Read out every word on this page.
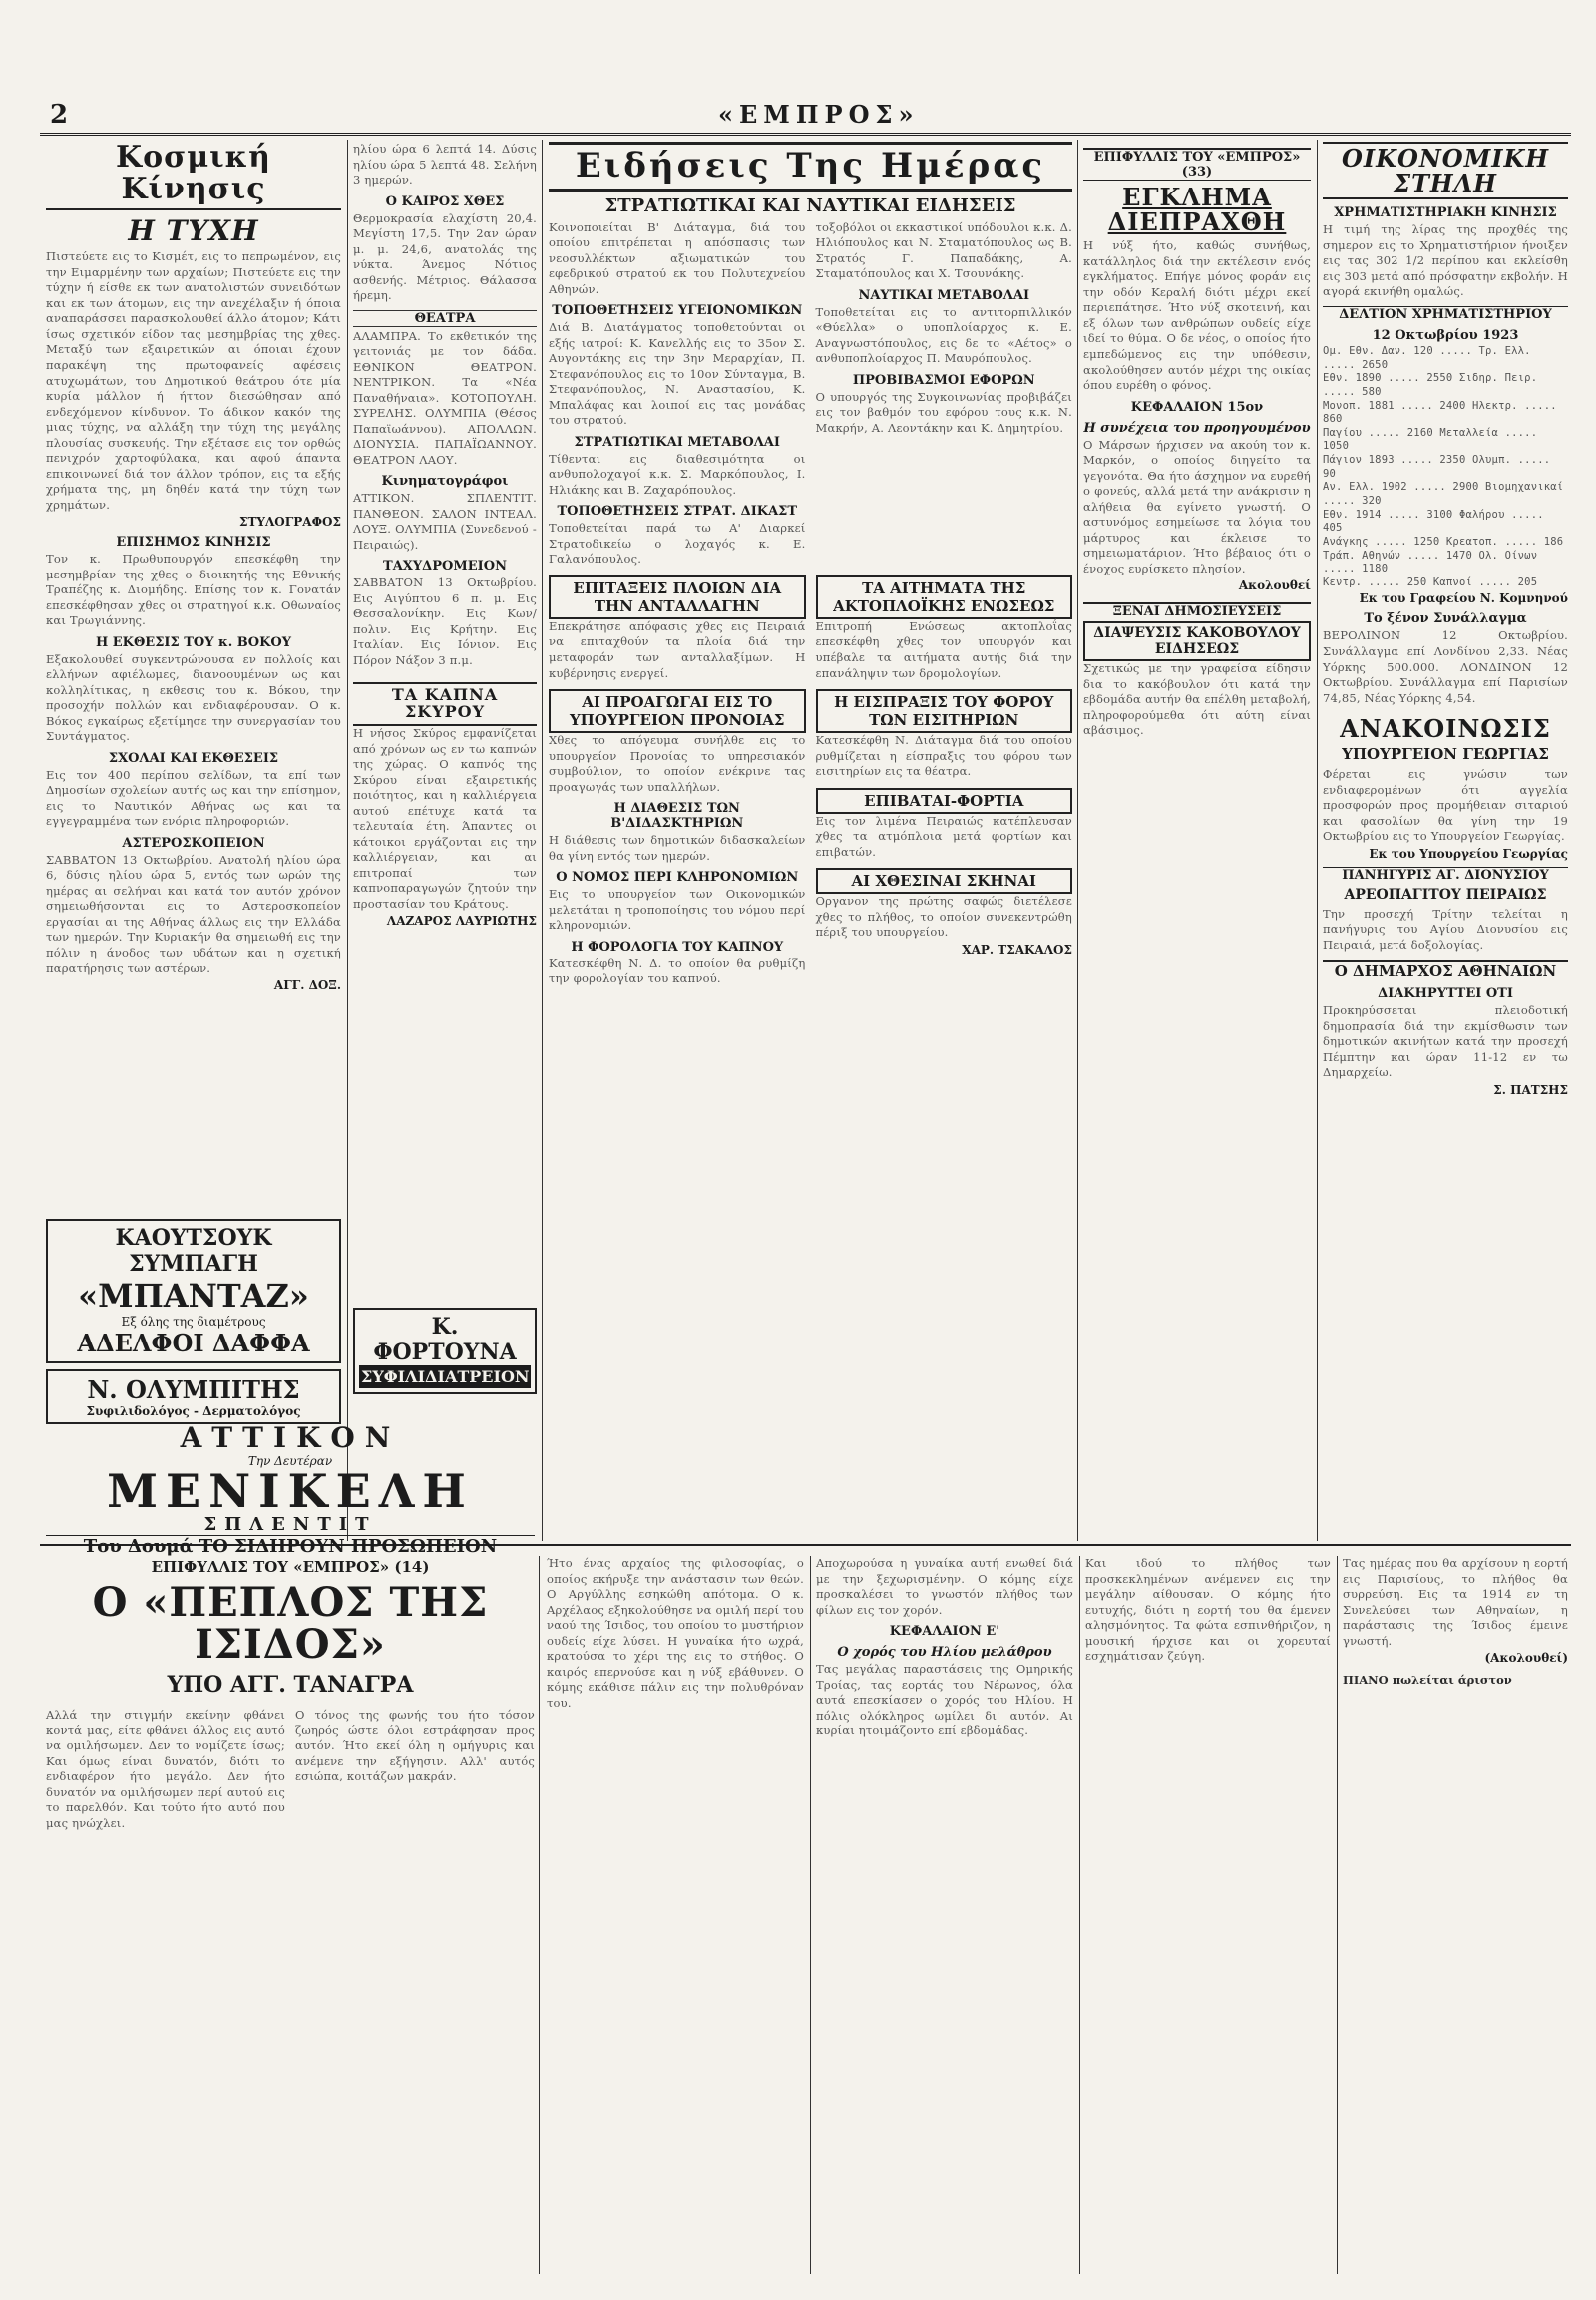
2	«ΕΜΠΡΟΣ»
Κοσμική Κίνησις
Η ΤΥΧΗ
Πιστεύετε εις το Κισμέτ, εις το πεπρωμένον, εις την Ειμαρμένην των αρχαίων; Πιστεύετε εις την τύχην ή είσθε εκ των ανατολιστών συνειδότων και εκ των άτομων, εις την ανεχέλαξιν ή όποια αναπαράσσει παρασκολουθεί άλλο άτομον; Κάτι ίσως σχετικόν είδον τας μεσημβρίας της χθες. Μεταξύ των εξαιρετικών αι όποιαι έχουν παρακέψη της πρωτοφανείς αφέσεις ατυχωμάτων, του Δημοτικού θεάτρου ότε μία κυρία μάλλον ή ήττον διεσώθησαν από ενδεχόμενον κίνδυνον. Το άδικον κακόν της μιας τύχης, να αλλάξη την τύχη της μεγάλης πλουσίας συσκευής. Την εξέτασε εις τον ορθώς πενιχρόν χαρτοφύλακα, και αφού άπαντα επικοινωνεί διά τον άλλον τρόπον, εις τα εξής χρήματα της, μη δηθέν κατά την τύχη των χρημάτων.
ΣΤΥΛΟΓΡΑΦΟΣ
ΕΠΙΣΗΜΟΣ ΚΙΝΗΣΙΣ
Τον κ. Πρωθυπουργόν επεσκέφθη την μεσημβρίαν της χθες ο διοικητής της Εθνικής Τραπέζης κ. Διομήδης. Επίσης τον κ. Γονατάν επεσκέφθησαν χθες οι στρατηγοί κ.κ. Οθωναίος και Τρωγιάννης.
Η ΕΚΘΕΣΙΣ ΤΟΥ κ. ΒΟΚΟΥ
Εξακολουθεί συγκεντρώνουσα εν πολλοίς και ελλήνων αφιέλωμες, διανοουμένων ως και κολληλίτικας, η εκθεσις του κ. Βόκου, την προσοχήν πολλών και ενδιαφέρουσαν. Ο κ. Βόκος εγκαίρως εξετίμησε την συνεργασίαν του Συντάγματος.
ΣΧΟΛΑΙ ΚΑΙ ΕΚΘΕΣΕΙΣ
Εις τον 400 περίπου σελίδων, τα επί των Δημοσίων σχολείων αυτής ως και την επίσημον, εις το Ναυτικόν Αθήνας ως και τα εγγεγραμμένα των ενόρια πληροφοριών.
ΑΣΤΕΡΟΣΚΟΠΕΙΟΝ
ΣΑΒΒΑΤΟΝ 13 Οκτωβρίου. Ανατολή ηλίου ώρα 6, δύσις ηλίου ώρα 5, εντός των ωρών της ημέρας αι σελήναι και κατά τον αυτόν χρόνον σημειωθήσονται εις το Αστεροσκοπείον εργασίαι αι της Αθήνας άλλως εις την Ελλάδα των ημερών. Την Κυριακήν θα σημειωθή εις την πόλιν η άνοδος των υδάτων και η σχετική παρατήρησις των αστέρων.
ΑΓΓ. ΔΟΞ.
ηλίου ώρα 6 λεπτά 14. Δύσις ηλίου ώρα 5 λεπτά 48. Σελήνη 3 ημερών.
Ο ΚΑΙΡΟΣ ΧΘΕΣ
Θερμοκρασία ελαχίστη 20,4. Μεγίστη 17,5. Την 2αν ώραν μ. μ. 24,6, ανατολάς της νύκτα. Άνεμος Νότιος ασθενής. Μέτριος. Θάλασσα ήρεμη.
ΘΕΑΤΡΑ
ΑΛΑΜΠΡΑ. Το εκθετικόν της γειτονιάς με τον δάδα. ΕΘΝΙΚΟΝ ΘΕΑΤΡΟΝ. ΝΕΝΤΡΙΚΟΝ. Τα «Νέα Παναθήναια». ΚΟΤΟΠΟΥΛΗ. ΣΥΡΕΛΗΣ. ΟΛΥΜΠΙΑ (Θέσος Παπαϊωάννου). ΑΠΟΛΛΩΝ. ΔΙΟΝΥΣΙΑ. ΠΑΠΑΪΩΑΝΝΟΥ. ΘΕΑΤΡΟΝ ΛΑΟΥ.
Κινηματογράφοι
ΑΤΤΙΚΟΝ. ΣΠΛΕΝΤΙΤ. ΠΑΝΘΕΟΝ. ΣΑΛΟΝ ΙΝΤΕΑΛ. ΛΟΥΞ. ΟΛΥΜΠΙΑ (Συνεδενού - Πειραιώς).
ΤΑΧΥΔΡΟΜΕΙΟΝ
ΣΑΒΒΑΤΟΝ 13 Οκτωβρίου. Εις Αιγύπτου 6 π. μ. Εις Θεσσαλονίκην. Εις Κων/πολιν. Εις Κρήτην. Εις Ιταλίαν. Εις Ιόνιον. Εις Πόρον Νάξον 3 π.μ.
ΤΑ ΚΑΠΝΑ ΣΚΥΡΟΥ
Η νήσος Σκύρος εμφανίζεται από χρόνων ως εν τω καπνών της χώρας. Ο καπνός της Σκύρου είναι εξαιρετικής ποιότητος, και η καλλιέργεια αυτού επέτυχε κατά τα τελευταία έτη. Άπαντες οι κάτοικοι εργάζονται εις την καλλιέργειαν, και αι επιτροπαί των καπνοπαραγωγών ζητούν την προστασίαν του Κράτους.
ΛΑΖΑΡΟΣ ΛΑΥΡΙΩΤΗΣ
Ειδήσεις Της Ημέρας
ΣΤΡΑΤΙΩΤΙΚΑΙ ΚΑΙ ΝΑΥΤΙΚΑΙ ΕΙΔΗΣΕΙΣ
Κοινοποιείται Β' Διάταγμα, διά του οποίου επιτρέπεται η απόσπασις των νεοσυλλέκτων αξιωματικών του εφεδρικού στρατού εκ του Πολυτεχνείου Αθηνών.
ΤΟΠΟΘΕΤΗΣΕΙΣ ΥΓΕΙΟΝΟΜΙΚΩΝ
Διά Β. Διατάγματος τοποθετούνται οι εξής ιατροί: Κ. Κανελλής εις το 35ον Σ. Αυγοντάκης εις την 3ην Μεραρχίαν, Π. Στεφανόπουλος εις το 10ον Σύνταγμα, Β. Στεφανόπουλος, Ν. Αναστασίου, Κ. Μπαλάφας και λοιποί εις τας μονάδας του στρατού.
ΣΤΡΑΤΙΩΤΙΚΑΙ ΜΕΤΑΒΟΛΑΙ
Τίθενται εις διαθεσιμότητα οι ανθυπολοχαγοί κ.κ. Σ. Μαρκόπουλος, Ι. Ηλιάκης και Β. Ζαχαρόπουλος.
ΤΟΠΟΘΕΤΗΣΕΙΣ ΣΤΡΑΤ. ΔΙΚΑΣΤ
Τοποθετείται παρά τω Α' Διαρκεί Στρατοδικείω ο λοχαγός κ. Ε. Γαλανόπουλος.
τοξοβόλοι οι εκκαστικοί υπόδουλοι κ.κ. Δ. Ηλιόπουλος και Ν. Σταματόπουλος ως Β. Στρατός Γ. Παπαδάκης, Α. Σταματόπουλος και Χ. Τσουνάκης.
ΝΑΥΤΙΚΑΙ ΜΕΤΑΒΟΛΑΙ
Τοποθετείται εις το αντιτορπιλλικόν «Θύελλα» ο υποπλοίαρχος κ. Ε. Αναγνωστόπουλος, εις δε το «Αέτος» ο ανθυποπλοίαρχος Π. Μαυρόπουλος.
ΠΡΟΒΙΒΑΣΜΟΙ ΕΦΟΡΩΝ
Ο υπουργός της Συγκοινωνίας προβιβάζει εις τον βαθμόν του εφόρου τους κ.κ. Ν. Μακρήν, Α. Λεοντάκην και Κ. Δημητρίου.
ΕΠΙΤΑΞΕΙΣ ΠΛΟΙΩΝ ΔΙΑ ΤΗΝ ΑΝΤΑΛΛΑΓΗΝ
Επεκράτησε απόφασις χθες εις Πειραιά να επιταχθούν τα πλοία διά την μεταφοράν των ανταλλαξίμων. Η κυβέρνησις ενεργεί.
ΑΙ ΠΡΟΑΓΩΓΑΙ ΕΙΣ ΤΟ ΥΠΟΥΡΓΕΙΟΝ ΠΡΟΝΟΙΑΣ
Χθες το απόγευμα συνήλθε εις το υπουργείον Προνοίας το υπηρεσιακόν συμβούλιον, το οποίον ενέκρινε τας προαγωγάς των υπαλλήλων.
Η ΔΙΑΘΕΣΙΣ ΤΩΝ Β'ΔΙΔΑΣΚΤΗΡΙΩΝ
Η διάθεσις των δημοτικών διδασκαλείων θα γίνη εντός των ημερών.
Ο ΝΟΜΟΣ ΠΕΡΙ ΚΛΗΡΟΝΟΜΙΩΝ
Εις το υπουργείον των Οικονομικών μελετάται η τροποποίησις του νόμου περί κληρονομιών.
Η ΦΟΡΟΛΟΓΙΑ ΤΟΥ ΚΑΠΝΟΥ
Κατεσκέφθη Ν. Δ. το οποίον θα ρυθμίζη την φορολογίαν του καπνού.
ΤΑ ΑΙΤΗΜΑΤΑ ΤΗΣ ΑΚΤΟΠΛΟΪΚΗΣ ΕΝΩΣΕΩΣ
Επιτροπή Ενώσεως ακτοπλοΐας επεσκέφθη χθες τον υπουργόν και υπέβαλε τα αιτήματα αυτής διά την επανάληψιν των δρομολογίων.
Η ΕΙΣΠΡΑΞΙΣ ΤΟΥ ΦΟΡΟΥ ΤΩΝ ΕΙΣΙΤΗΡΙΩΝ
Κατεσκέφθη Ν. Διάταγμα διά του οποίου ρυθμίζεται η είσπραξις του φόρου των εισιτηρίων εις τα θέατρα.
ΕΠΙΒΑΤΑΙ-ΦΟΡΤΙΑ
Εις τον λιμένα Πειραιώς κατέπλευσαν χθες τα ατμόπλοια μετά φορτίων και επιβατών.
ΑΙ ΧΘΕΣΙΝΑΙ ΣΚΗΝΑΙ
Οργανον της πρώτης σαφώς διετέλεσε χθες το πλήθος, το οποίον συνεκεντρώθη πέριξ του υπουργείου.
ΧΑΡ. ΤΣΑΚΑΛΟΣ
ΕΠΙΦΥΛΛΙΣ ΤΟΥ «ΕΜΠΡΟΣ» (33)
ΕΓΚΛΗΜΑ ΔΙΕΠΡΑΧΘΗ
Η νύξ ήτο, καθώς συνήθως, κατάλληλος διά την εκτέλεσιν ενός εγκλήματος. Επήγε μόνος φοράν εις την οδόν Κεραλή διότι μέχρι εκεί περιεπάτησε. Ήτο νύξ σκοτεινή, και εξ όλων των ανθρώπων ουδείς είχε ιδεί το θύμα. Ο δε νέος, ο οποίος ήτο εμπεδώμενος εις την υπόθεσιν, ακολούθησεν αυτόν μέχρι της οικίας όπου ευρέθη ο φόνος.
ΚΕΦΑΛΑΙΟΝ 15ον
Η συνέχεια του προηγουμένου
Ο Μάρσων ήρχισεν να ακούη τον κ. Μαρκόν, ο οποίος διηγείτο τα γεγονότα. Θα ήτο άσχημον να ευρεθή ο φονεύς, αλλά μετά την ανάκρισιν η αλήθεια θα εγίνετο γνωστή. Ο αστυνόμος εσημείωσε τα λόγια του μάρτυρος και έκλεισε το σημειωματάριον. Ήτο βέβαιος ότι ο ένοχος ευρίσκετο πλησίον.
Ακολουθεί
ΞΕΝΑΙ ΔΗΜΟΣΙΕΥΣΕΙΣ
ΔΙΑΨΕΥΣΙΣ ΚΑΚΟΒΟΥΛΟΥ ΕΙΔΗΣΕΩΣ
Σχετικώς με την γραφείσα είδησιν δια το κακόβουλον ότι κατά την εβδομάδα αυτήν θα επέλθη μεταβολή, πληροφορούμεθα ότι αύτη είναι αβάσιμος.
ΟΙΚΟΝΟΜΙΚΗ ΣΤΗΛΗ
ΧΡΗΜΑΤΙΣΤΗΡΙΑΚΗ ΚΙΝΗΣΙΣ
Η τιμή της λίρας της προχθές της σημερον εις το Χρηματιστήριον ήνοιξεν εις τας 302 1/2 περίπου και εκλείσθη εις 303 μετά από πρόσφατην εκβολήν. Η αγορά εκινήθη ομαλώς.
ΔΕΛΤΙΟΝ ΧΡΗΜΑΤΙΣΤΗΡΙΟΥ
12 Οκτωβρίου 1923
Ομ. Εθν. Δαν. 120 ..... Τρ. Ελλ. ..... 2650
Εθν. 1890 ..... 2550 Σιδηρ. Πειρ. ..... 580
Μονοπ. 1881 ..... 2400 Ηλεκτρ. ..... 860
Παγίου ..... 2160 Μεταλλεία ..... 1050
Πάγιον 1893 ..... 2350 Ολυμπ. ..... 90
Αν. Ελλ. 1902 ..... 2900 Βιομηχανικαί ..... 320
Εθν. 1914 ..... 3100 Φαλήρου ..... 405
Ανάγκης ..... 1250 Κρεατοπ. ..... 186
Τράπ. Αθηνών ..... 1470 Ολ. Οίνων ..... 1180
Κεντρ. ..... 250 Καπνοί ..... 205
Εκ του Γραφείου Ν. Κομνηνού
Το ξένον Συνάλλαγμα
ΒΕΡΟΛΙΝΟΝ 12 Οκτωβρίου. Συνάλλαγμα επί Λονδίνου 2,33. Νέας Υόρκης 500.000. ΛΟΝΔΙΝΟΝ 12 Οκτωβρίου. Συνάλλαγμα επί Παρισίων 74,85, Νέας Υόρκης 4,54.
ΑΝΑΚΟΙΝΩΣΙΣ
ΥΠΟΥΡΓΕΙΟΝ ΓΕΩΡΓΙΑΣ
Φέρεται εις γνώσιν των ενδιαφερομένων ότι αγγελία προσφορών προς προμήθειαν σιταριού και φασολίων θα γίνη την 19 Οκτωβρίου εις το Υπουργείον Γεωργίας.
Εκ του Υπουργείου Γεωργίας
ΠΑΝΗΓΥΡΙΣ ΑΓ. ΔΙΟΝΥΣΙΟΥ
ΑΡΕΟΠΑΓΙΤΟΥ ΠΕΙΡΑΙΩΣ
Την προσεχή Τρίτην τελείται η πανήγυρις του Αγίου Διονυσίου εις Πειραιά, μετά δοξολογίας.
Ο ΔΗΜΑΡΧΟΣ ΑΘΗΝΑΙΩΝ
ΔΙΑΚΗΡΥΤΤΕΙ ΟΤΙ
Προκηρύσσεται πλειοδοτική δημοπρασία διά την εκμίσθωσιν των δημοτικών ακινήτων κατά την προσεχή Πέμπτην και ώραν 11-12 εν τω Δημαρχείω.
Σ. ΠΑΤΣΗΣ
ΚΑΟΥΤΣΟΥΚ ΣΥΜΠΑΓΗ
«ΜΠΑΝΤΑΖ»
Εξ όλης της διαμέτρους
ΑΔΕΛΦΟΙ ΔΑΦΦΑ
Ν. ΟΛΥΜΠΙΤΗΣ
Συφιλιδολόγος - Δερματολόγος
Κ. ΦΟΡΤΟΥΝΑ
ΣΥΦΙΛΙΔΙΑΤΡΕΙΟΝ
ΑΤΤΙΚΟΝ
Την Δευτέραν
ΜΕΝΙΚΕΛΗ
ΣΠΛΕΝΤΙΤ
Του Δουμά ΤΟ ΣΙΔΗΡΟΥΝ ΠΡΟΣΩΠΕΙΟΝ
ΕΠΙΦΥΛΛΙΣ ΤΟΥ «ΕΜΠΡΟΣ» (14)
Ο «ΠΕΠΛΟΣ ΤΗΣ ΙΣΙΔΟΣ»
ΥΠΟ ΑΓΓ. ΤΑΝΑΓΡΑ
Αλλά την στιγμήν εκείνην φθάνει κοντά μας, είτε φθάνει άλλος εις αυτό να ομιλήσωμεν. Δεν το νομίζετε ίσως; Και όμως είναι δυνατόν, διότι το ενδιαφέρον ήτο μεγάλο. Δεν ήτο δυνατόν να ομιλήσωμεν περί αυτού εις το παρελθόν. Και τούτο ήτο αυτό που μας ηνώχλει.
Ο τόνος της φωνής του ήτο τόσον ζωηρός ώστε όλοι εστράφησαν προς αυτόν. Ήτο εκεί όλη η ομήγυρις και ανέμενε την εξήγησιν. Αλλ' αυτός εσιώπα, κοιτάζων μακράν.
Ήτο ένας αρχαίος της φιλοσοφίας, ο οποίος εκήρυξε την ανάστασιν των θεών. Ο Αργύλλης εσηκώθη απότομα. Ο κ. Αρχέλαος εξηκολούθησε να ομιλή περί του ναού της Ίσιδος, του οποίου το μυστήριον ουδείς είχε λύσει. Η γυναίκα ήτο ωχρά, κρατούσα το χέρι της εις το στήθος. Ο καιρός επερνούσε και η νύξ εβάθυνεν. Ο κόμης εκάθισε πάλιν εις την πολυθρόναν του.
Αποχωρούσα η γυναίκα αυτή ενωθεί διά με την ξεχωρισμένην. Ο κόμης είχε προσκαλέσει το γνωστόν πλήθος των φίλων εις τον χορόν.
ΚΕΦΑΛΑΙΟΝ Ε'
Ο χορός του Ηλίου μελάθρου
Τας μεγάλας παραστάσεις της Ομηρικής Τροίας, τας εορτάς του Νέρωνος, όλα αυτά επεσκίασεν ο χορός του Ηλίου. Η πόλις ολόκληρος ωμίλει δι' αυτόν. Αι κυρίαι ητοιμάζοντο επί εβδομάδας.
Και ιδού το πλήθος των προσκεκλημένων ανέμενεν εις την μεγάλην αίθουσαν. Ο κόμης ήτο ευτυχής, διότι η εορτή του θα έμενεν αλησμόνητος. Τα φώτα εσπινθήριζον, η μουσική ήρχισε και οι χορευταί εσχημάτισαν ζεύγη.
Τας ημέρας που θα αρχίσουν η εορτή εις Παρισίους, το πλήθος θα συρρεύση. Εις τα 1914 εν τη Συνελεύσει των Αθηναίων, η παράστασις της Ίσιδος έμεινε γνωστή.
(Ακολουθεί)
ΠΙΑΝΟ πωλείται άριστον
